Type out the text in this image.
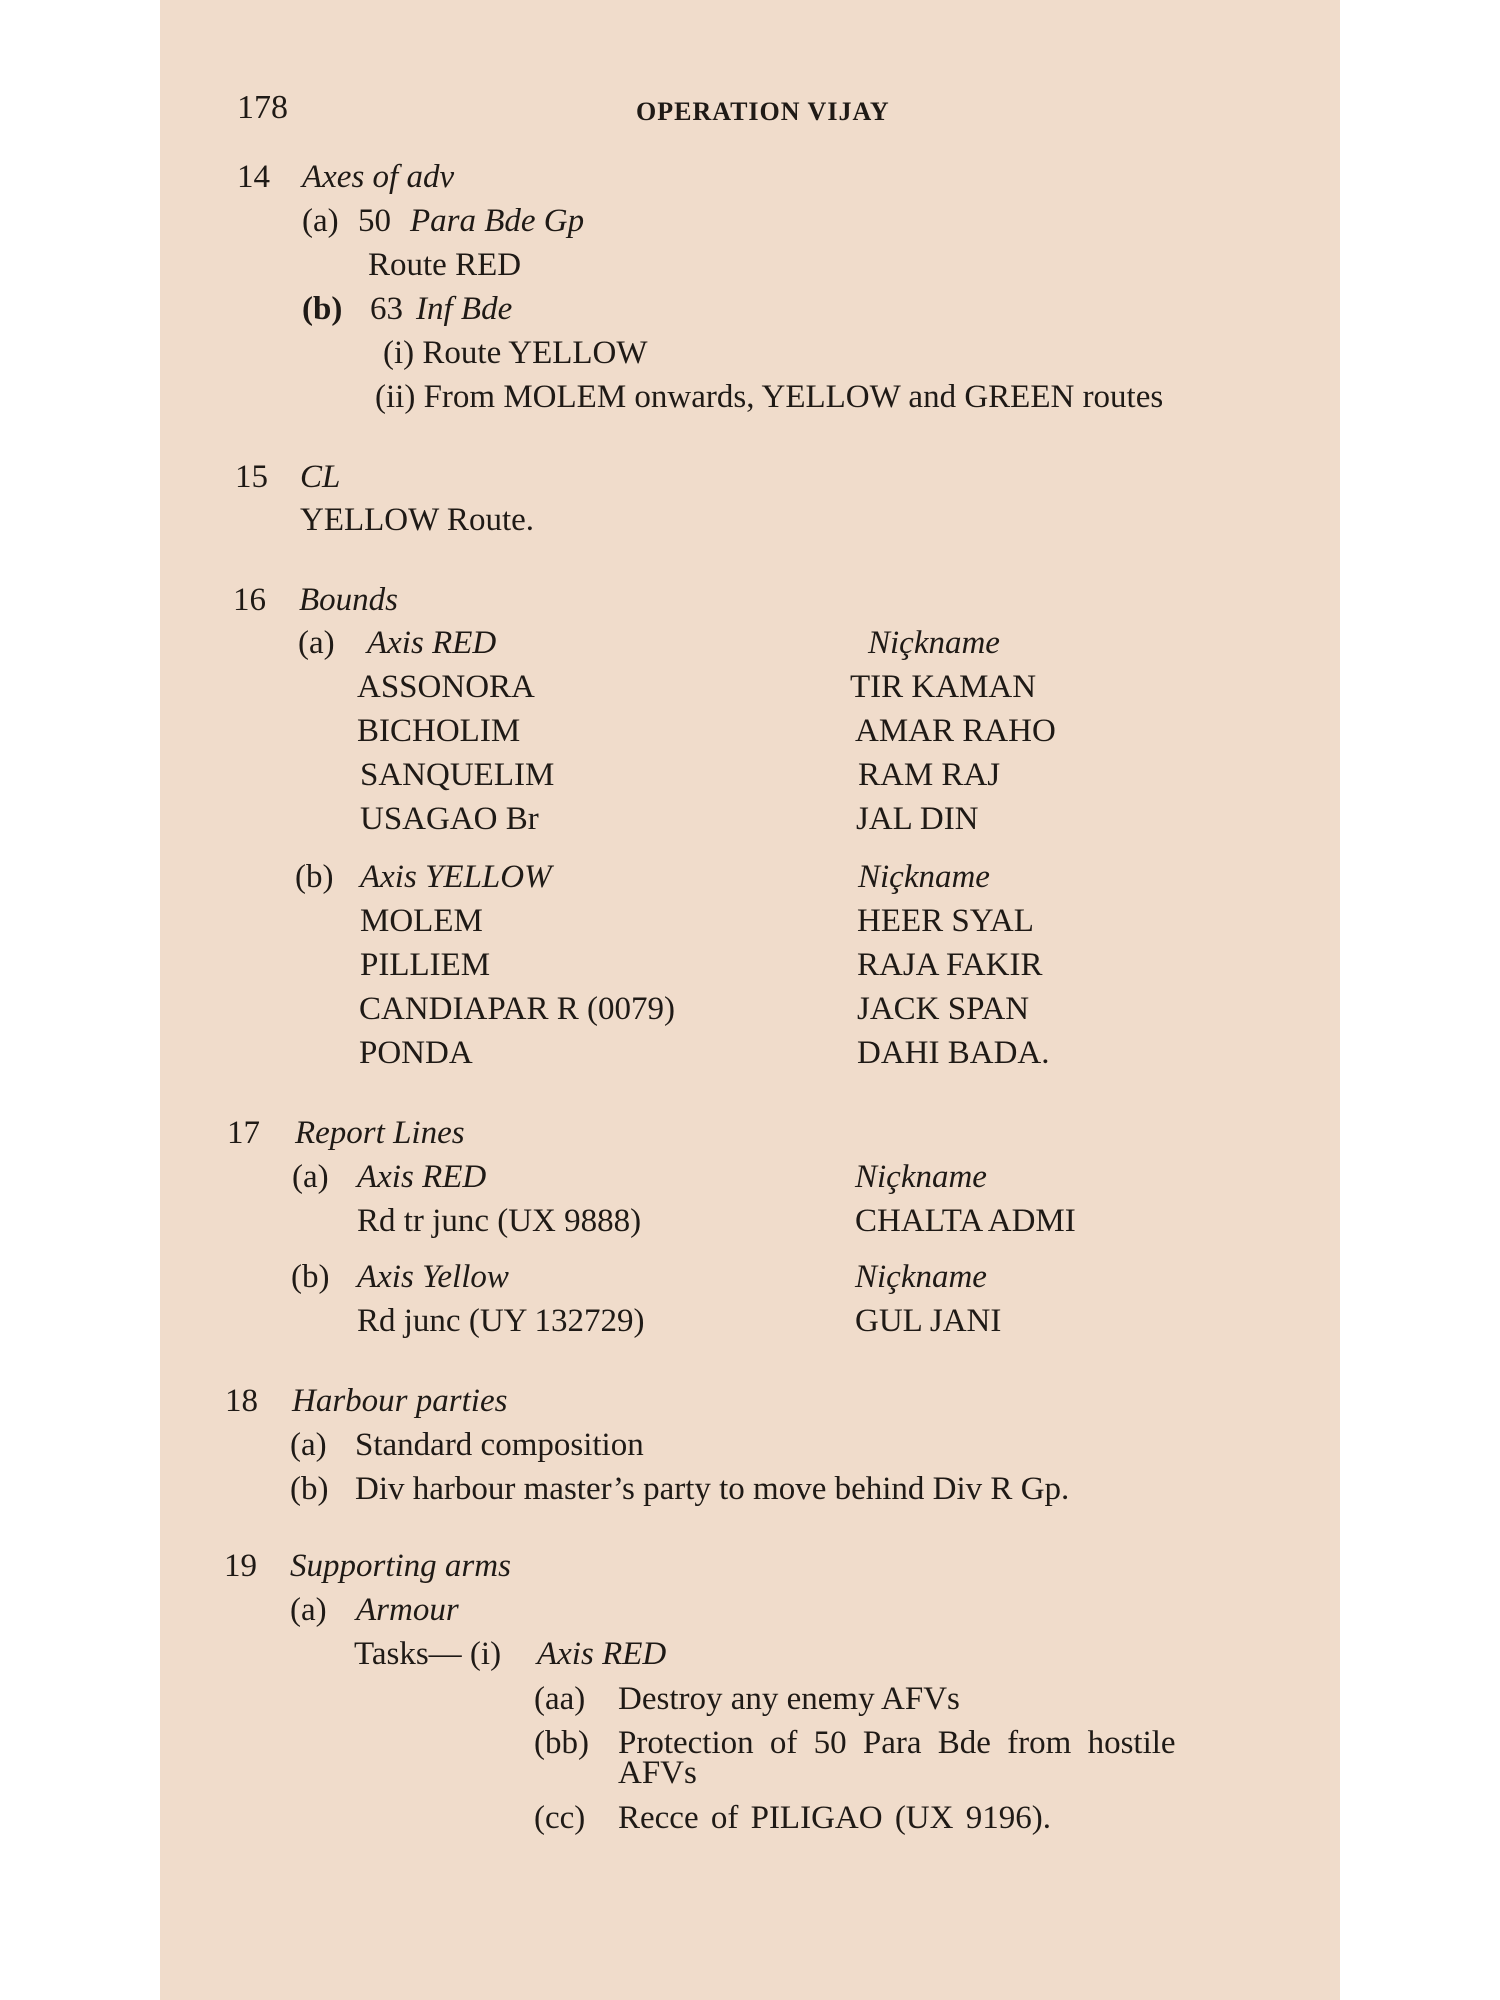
178	OPERATION VIJAY
14 Axes of adv
(a) 50 Para Bde Gp
Route RED
(b) 63 Inf Bde
(i) Route YELLOW
(ii) From MOLEM onwards, YELLOW and GREEN routes
15 CL
YELLOW Route.
16 Bounds
(a) Axis RED	Niçkname
ASSONORA	TIR KAMAN
BICHOLIM	AMAR RAHO
SANQUELIM	RAM RAJ
USAGAO Br	JAL DIN
(b) Axis YELLOW	Niçkname
MOLEM	HEER SYAL
PILLIEM	RAJA FAKIR
CANDIAPAR R (0079)	JACK SPAN
PONDA	DAHI BADA.
17 Report Lines
(a) Axis RED	Niçkname
Rd tr junc (UX 9888)	CHALTA ADMI
(b) Axis Yellow	Niçkname
Rd junc (UY 132729)	GUL JANI
18 Harbour parties
(a) Standard composition
(b) Div harbour master’s party to move behind Div R Gp.
19 Supporting arms
(a) Armour
Tasks— (i) Axis RED
(aa) Destroy any enemy AFVs
(bb) Protection of 50 Para Bde from hostile
AFVs
(cc) Recce of PILIGAO (UX 9196).
